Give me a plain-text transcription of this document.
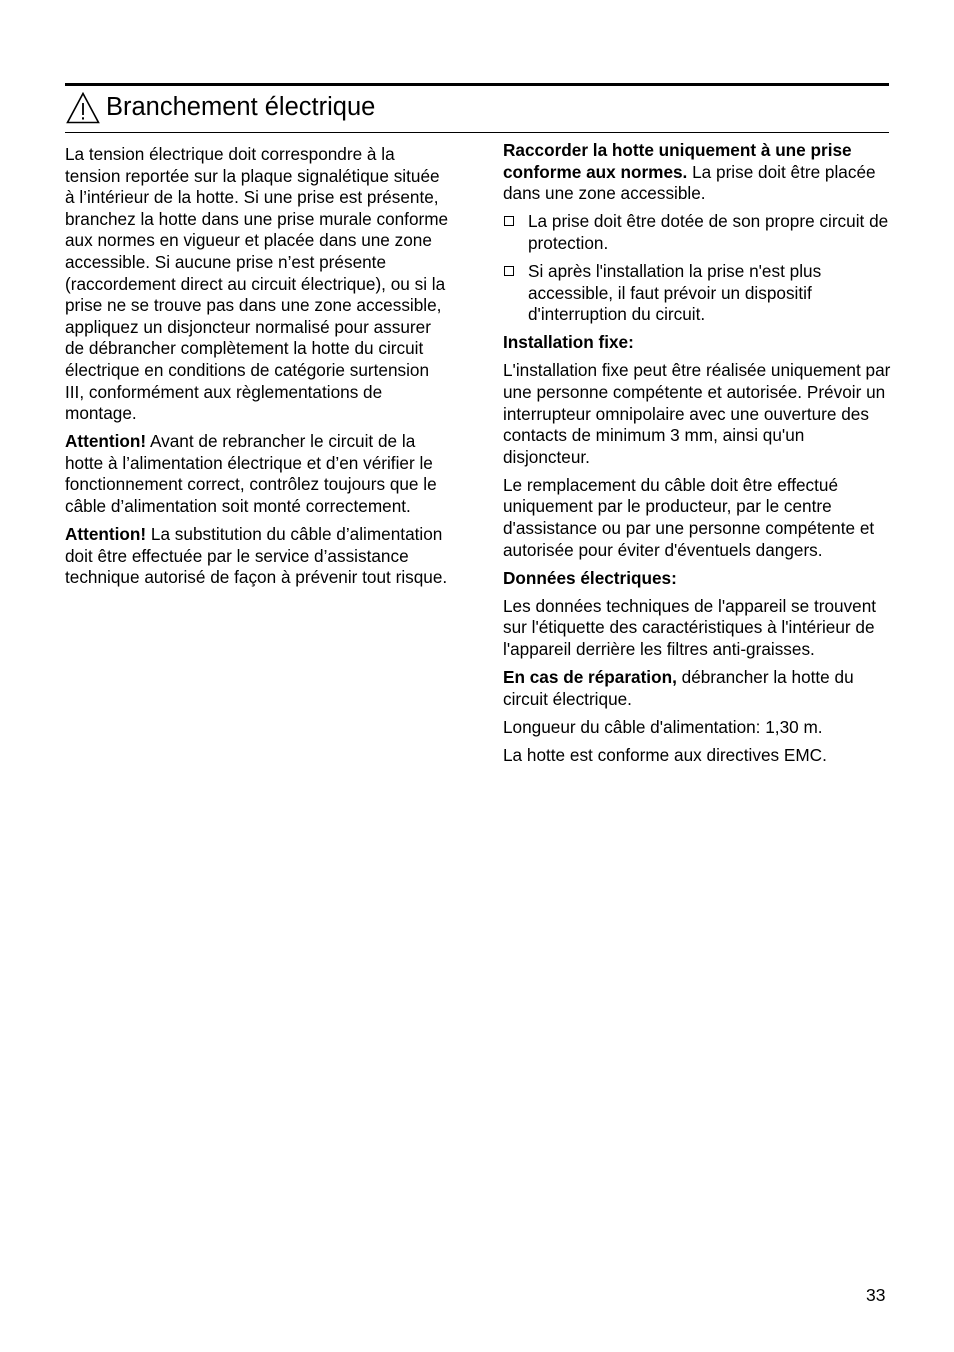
Branchement électrique

La tension électrique doit correspondre à la tension reportée sur la plaque signalétique située à l’intérieur de la hotte. Si une prise est présente, branchez la hotte dans une prise murale conforme aux normes en vigueur et placée dans une zone accessible. Si aucune prise n’est présente (raccordement direct au circuit électrique), ou si la prise ne se trouve pas dans une zone accessible, appliquez un disjoncteur normalisé pour assurer de débrancher complètement la hotte du circuit électrique en conditions de catégorie surtension III, conformément aux règlementations de montage.

Attention! Avant de rebrancher le circuit de la hotte à l’alimentation électrique et d’en vérifier le fonctionnement correct, contrôlez toujours que le câble d’alimentation soit monté correctement.

Attention! La substitution du câble d’alimentation doit être effectuée par le service d’assistance technique autorisé de façon à prévenir tout risque.

Raccorder la hotte uniquement à une prise conforme aux normes. La prise doit être placée dans une zone accessible.

La prise doit être dotée de son propre circuit de protection.
Si après l'installation la prise n'est plus accessible, il faut prévoir un dispositif d'interruption du circuit.

Installation fixe:

L'installation fixe peut être réalisée uniquement par une personne compétente et autorisée. Prévoir un interrupteur omnipolaire avec une ouverture des contacts de minimum 3 mm, ainsi qu'un disjoncteur.

Le remplacement du câble doit être effectué uniquement par le producteur, par le centre d'assistance ou par une personne compétente et autorisée pour éviter d'éventuels dangers.

Données électriques:

Les données techniques de l'appareil se trouvent sur l'étiquette des caractéristiques à l'intérieur de l'appareil derrière les filtres anti-graisses.

En cas de réparation, débrancher la hotte du circuit électrique.

Longueur du câble d'alimentation: 1,30 m.

La hotte est conforme aux directives EMC.

33
